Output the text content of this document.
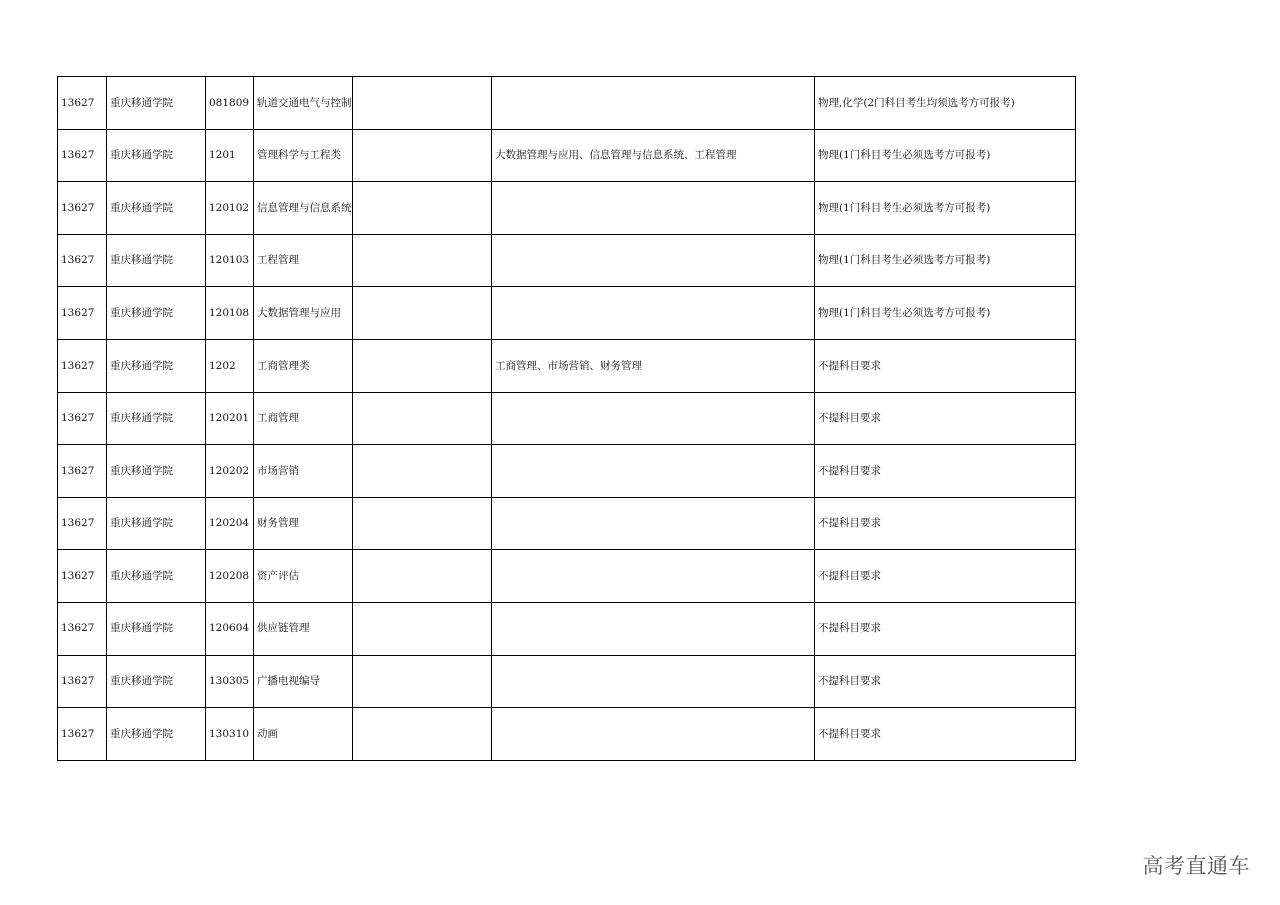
13627	重庆移通学院	081809	轨道交通电气与控制			物理,化学(2门科目考生均须选考方可报考)
13627	重庆移通学院	1201	管理科学与工程类		大数据管理与应用、信息管理与信息系统、工程管理	物理(1门科目考生必须选考方可报考)
13627	重庆移通学院	120102	信息管理与信息系统			物理(1门科目考生必须选考方可报考)
13627	重庆移通学院	120103	工程管理			物理(1门科目考生必须选考方可报考)
13627	重庆移通学院	120108	大数据管理与应用			物理(1门科目考生必须选考方可报考)
13627	重庆移通学院	1202	工商管理类		工商管理、市场营销、财务管理	不提科目要求
13627	重庆移通学院	120201	工商管理			不提科目要求
13627	重庆移通学院	120202	市场营销			不提科目要求
13627	重庆移通学院	120204	财务管理			不提科目要求
13627	重庆移通学院	120208	资产评估			不提科目要求
13627	重庆移通学院	120604	供应链管理			不提科目要求
13627	重庆移通学院	130305	广播电视编导			不提科目要求
13627	重庆移通学院	130310	动画			不提科目要求
高考直通车
